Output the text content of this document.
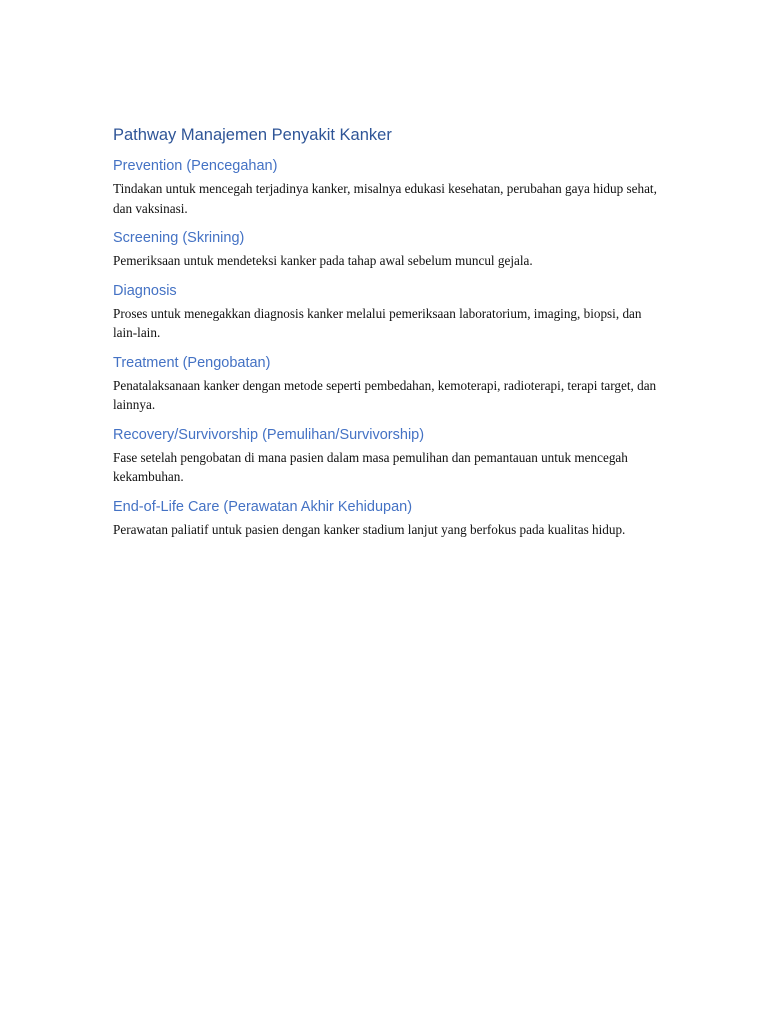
Pathway Manajemen Penyakit Kanker
Prevention (Pencegahan)

Tindakan untuk mencegah terjadinya kanker, misalnya edukasi kesehatan, perubahan gaya hidup sehat, dan vaksinasi.

Screening (Skrining)

Pemeriksaan untuk mendeteksi kanker pada tahap awal sebelum muncul gejala.

Diagnosis

Proses untuk menegakkan diagnosis kanker melalui pemeriksaan laboratorium, imaging, biopsi, dan lain-lain.

Treatment (Pengobatan)

Penatalaksanaan kanker dengan metode seperti pembedahan, kemoterapi, radioterapi, terapi target, dan lainnya.

Recovery/Survivorship (Pemulihan/Survivorship)

Fase setelah pengobatan di mana pasien dalam masa pemulihan dan pemantauan untuk mencegah kekambuhan.

End-of-Life Care (Perawatan Akhir Kehidupan)

Perawatan paliatif untuk pasien dengan kanker stadium lanjut yang berfokus pada kualitas hidup.
